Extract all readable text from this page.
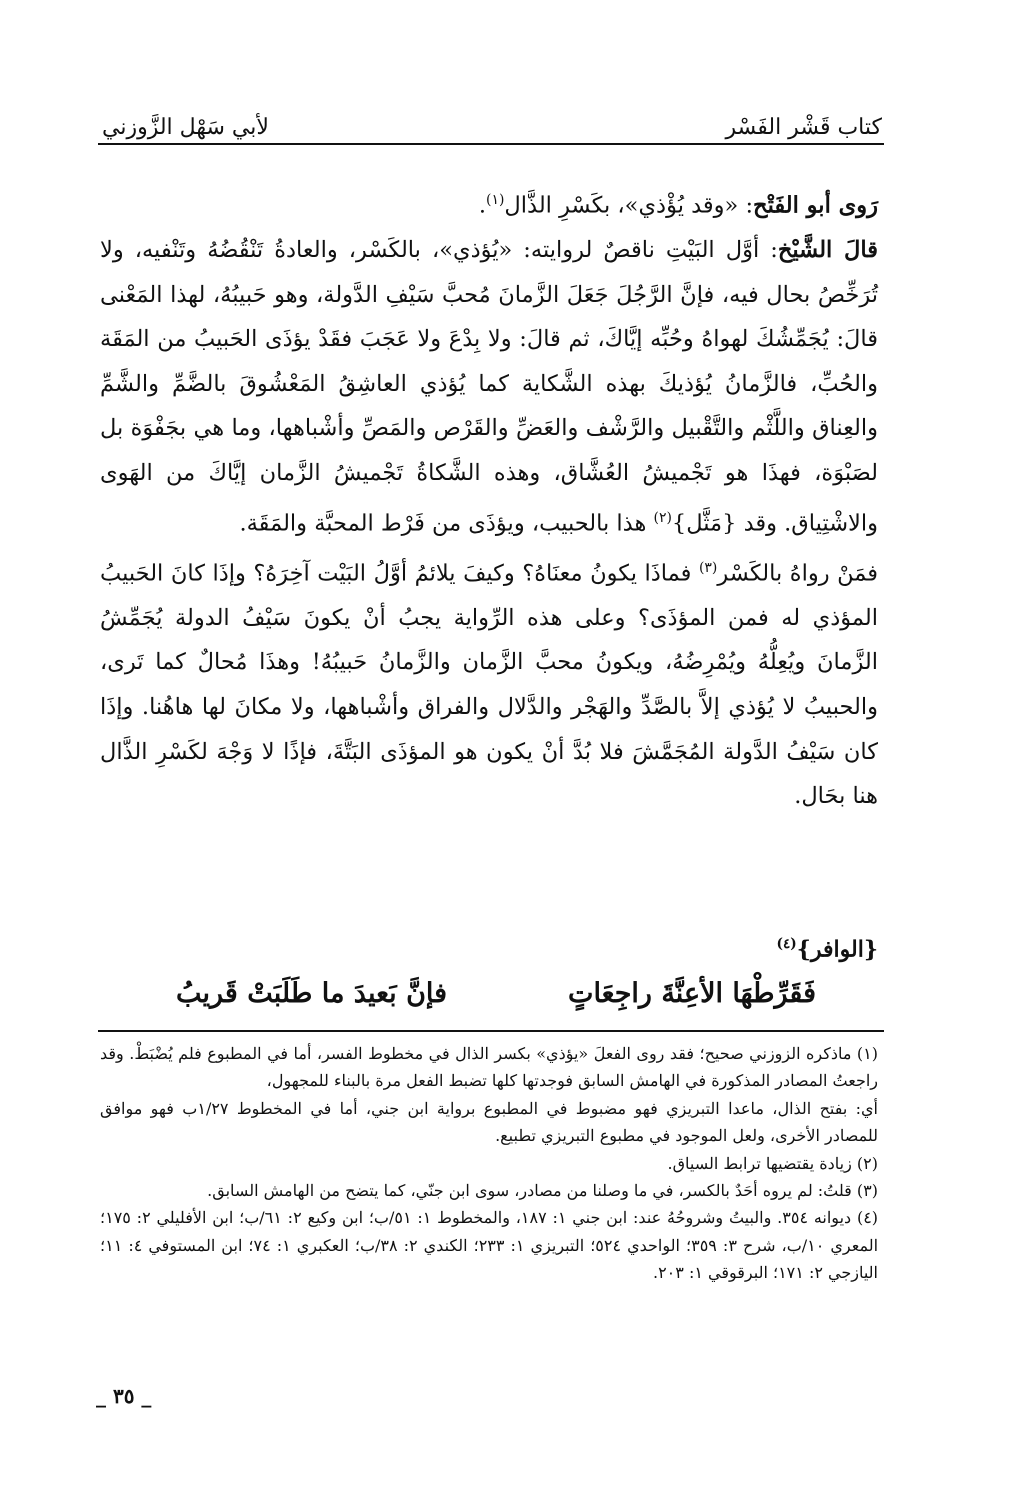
كتاب قَشْر الفَسْر
لأبي سَهْل الزَّوزني

رَوى أبو الفَتْح: «وقد يُؤْذي»، بكَسْرِ الذَّال$^{(١)}$.

قالَ الشَّيْخ: أوَّل البَيْتِ ناقصٌ لروايته: «يُؤذي»، بالكَسْر، والعادةُ تَنْقُضُهُ وتَنْفيه، ولا تُرَخِّصُ بحال فيه، فإنَّ الرَّجُلَ جَعَلَ الزَّمانَ مُحبَّ سَيْفِ الدَّولة، وهو حَبيبُهُ، لهذا المَعْنى قالَ: يُجَمِّشُكَ لهواهُ وحُبِّه إيَّاكَ، ثم قالَ: ولا بِدْعَ ولا عَجَبَ فقَدْ يؤذَى الحَبيبُ من المَقَة والحُبِّ، فالزَّمانُ يُؤذيكَ بهذه الشَّكاية كما يُؤذي العاشِقُ المَعْشُوقَ بالضَّمِّ والشَّمِّ والعِناق واللَّثْم والتَّقْبيل والرَّشْف والعَضِّ والقَرْص والمَصِّ وأشْباهها، وما هي بجَفْوَة بل لصَبْوَة، فهذَا هو تَجْميشُ العُشَّاق، وهذه الشَّكاةُ تَجْميشُ الزَّمان إيَّاكَ من الهَوى والاشْتِياق. وقد {مَثَّل}$^{(٢)}$ هذا بالحبيب، ويؤذَى من فَرْط المحبَّة والمَقَة.

فمَنْ رواهُ بالكَسْر$^{(٣)}$ فماذَا يكونُ معنَاهُ؟ وكيفَ يلائمُ أوَّلُ البَيْت آخِرَهُ؟ وإذَا كانَ الحَبيبُ المؤذي له فمن المؤذَى؟ وعلى هذه الرِّواية يجبُ أنْ يكونَ سَيْفُ الدولة يُجَمِّشُ الزَّمانَ ويُعِلُّهُ ويُمْرِضُهُ، ويكونُ محبَّ الزَّمان والزَّمانُ حَبيبُهُ! وهذَا مُحالٌ كما تَرى، والحبيبُ لا يُؤذي إلاَّ بالصَّدِّ والهَجْر والدَّلال والفراق وأشْباهها، ولا مكانَ لها هاهُنا. وإذَا كان سَيْفُ الدَّولة المُجَمَّشَ فلا بُدَّ أنْ يكون هو المؤذَى البَتَّةَ، فإذًا لا وَجْهَ لكَسْرِ الذَّال هنا بحَال.

{الوافر}$^{(٤)}$
فَقَرِّطْهَا الأعِنَّةَ راجِعَاتٍ
فإنَّ بَعيدَ ما طَلَبَتْ قَريبُ

(١) ماذكره الزوزني صحيح؛ فقد روى الفعلَ «يؤذي» بكسر الذال في مخطوط الفسر، أما في المطبوع فلم يُضْبَطْ. وقد راجعتُ المصادر المذكورة في الهامش السابق فوجدتها كلها تضبط الفعل مرة بالبناء للمجهول،

أي: بفتح الذال، ماعدا التبريزي فهو مضبوط في المطبوع برواية ابن جني، أما في المخطوط ١/٢٧ب فهو موافق للمصادر الأخرى، ولعل الموجود في مطبوع التبريزي تطبيع.

(٢) زيادة يقتضيها ترابط السياق.

(٣) قلتُ: لم يروه أحَدٌ بالكسر، في ما وصلنا من مصادر، سوى ابن جنّي، كما يتضح من الهامش السابق.

(٤) ديوانه ٣٥٤. والبيتُ وشروحُهُ عند: ابن جني ١: ١٨٧، والمخطوط ١: ٥١/ب؛ ابن وكيع ٢: ٦١/ب؛ ابن الأفليلي ٢: ١٧٥؛ المعري ١٠/ب، شرح ٣: ٣٥٩؛ الواحدي ٥٢٤؛ التبريزي ١: ٢٣٣؛ الكندي ٢: ٣٨/ب؛ العكبري ١: ٧٤؛ ابن المستوفي ٤: ١١؛ اليازجي ٢: ١٧١؛ البرقوقي ١: ٢٠٣.

_ ٣٥ _
